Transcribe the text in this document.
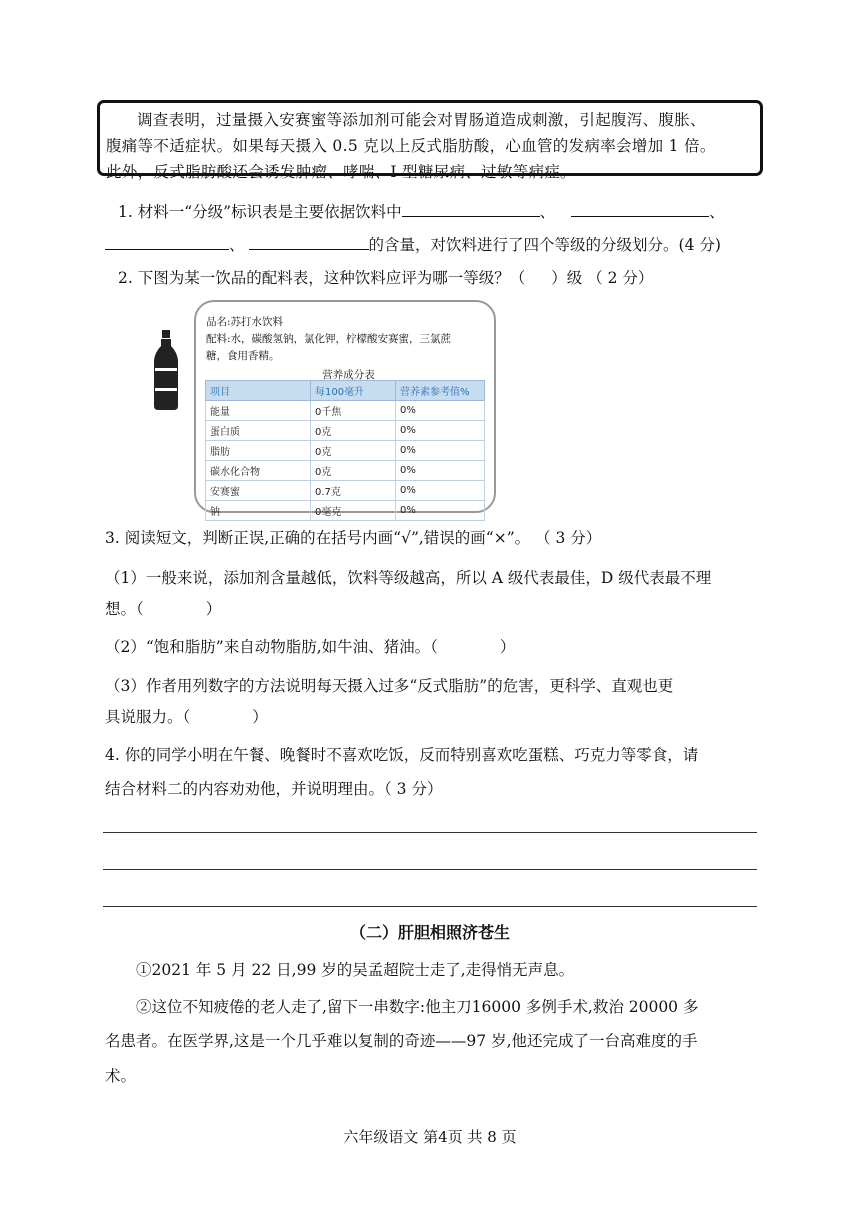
调查表明，过量摄入安赛蜜等添加剂可能会对胃肠道造成刺激，引起腹泻、腹胀、

腹痛等不适症状。如果每天摄入 0.5 克以上反式脂肪酸，心血管的发病率会增加 1 倍。

此外，反式脂肪酸还会诱发肿瘤、哮喘、I 型糖尿病、过敏等病症。

1. 材料一“分级”标识表是主要依据饮料中	、	、
、	的含量，对饮料进行了四个等级的分级划分。(4 分)
2. 下图为某一饮品的配料表，这种饮料应评为哪一等级？（ ）级 （ 2 分）
品名:苏打水饮料
配料:水，碳酸氢钠，氯化钾，柠檬酸安赛蜜，三氯蔗
糖，食用香精。
营养成分表
项目	每100毫升	营养素参考值%
能量	0千焦	0%
蛋白质	0克	0%
脂肪	0克	0%
碳水化合物	0克	0%
安赛蜜	0.7克	0%
钠	0毫克	0%
3. 阅读短文，判断正误,正确的在括号内画“√”,错误的画“×”。 （ 3 分）
（1）一般来说，添加剂含量越低，饮料等级越高，所以 A 级代表最佳，D 级代表最不理
想。（	）
（2）“饱和脂肪”来自动物脂肪,如牛油、猪油。（	）
（3）作者用列数字的方法说明每天摄入过多“反式脂肪”的危害，更科学、直观也更
具说服力。（	）
4. 你的同学小明在午餐、晚餐时不喜欢吃饭，反而特别喜欢吃蛋糕、巧克力等零食，请
结合材料二的内容劝劝他，并说明理由。（ 3 分）
（二）肝胆相照济苍生
①2021 年 5 月 22 日,99 岁的吴孟超院士走了,走得悄无声息。
②这位不知疲倦的老人走了,留下一串数字:他主刀16000 多例手术,救治 20000 多
名患者。在医学界,这是一个几乎难以复制的奇迹——97 岁,他还完成了一台高难度的手
术。
六年级语文 第4页 共 8 页
